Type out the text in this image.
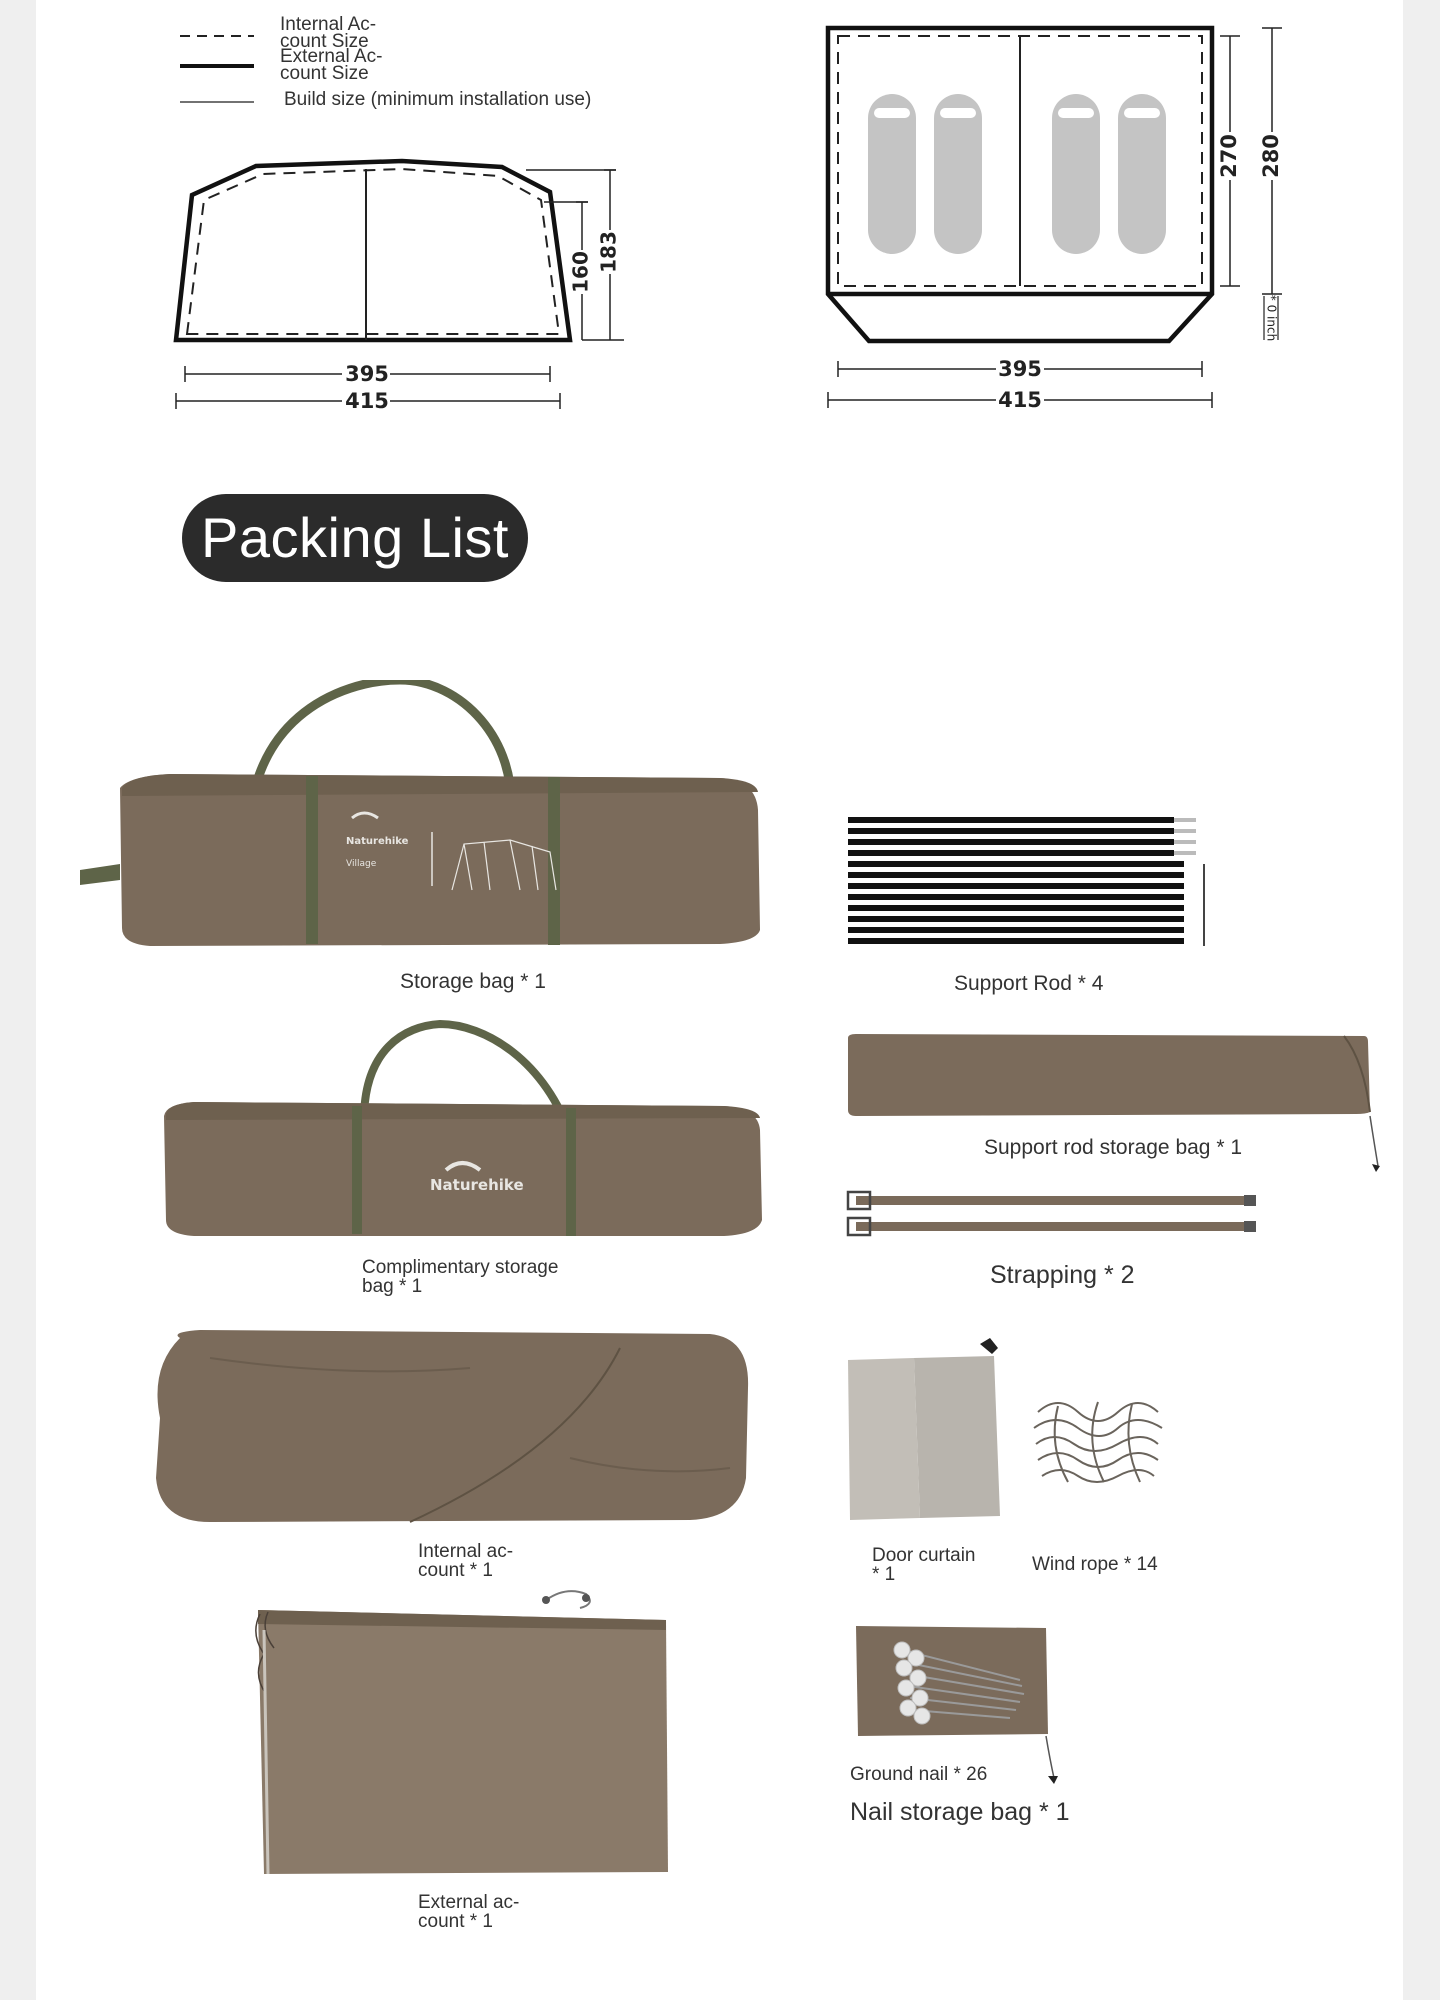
Internal Ac-
count Size
External Ac-
count Size
Build size (minimum installation use)
160 183
395
415
270 280
* 0 inch
395
415
Packing List
Naturehike
Village
Storage bag * 1	Support Rod * 4
Naturehike
Complimentary storage
bag * 1
Support rod storage bag * 1
Strapping * 2
Internal ac-
count * 1
Door curtain
* 1	Wind rope * 14
External ac-
count * 1
Ground nail * 26
Nail storage bag * 1
